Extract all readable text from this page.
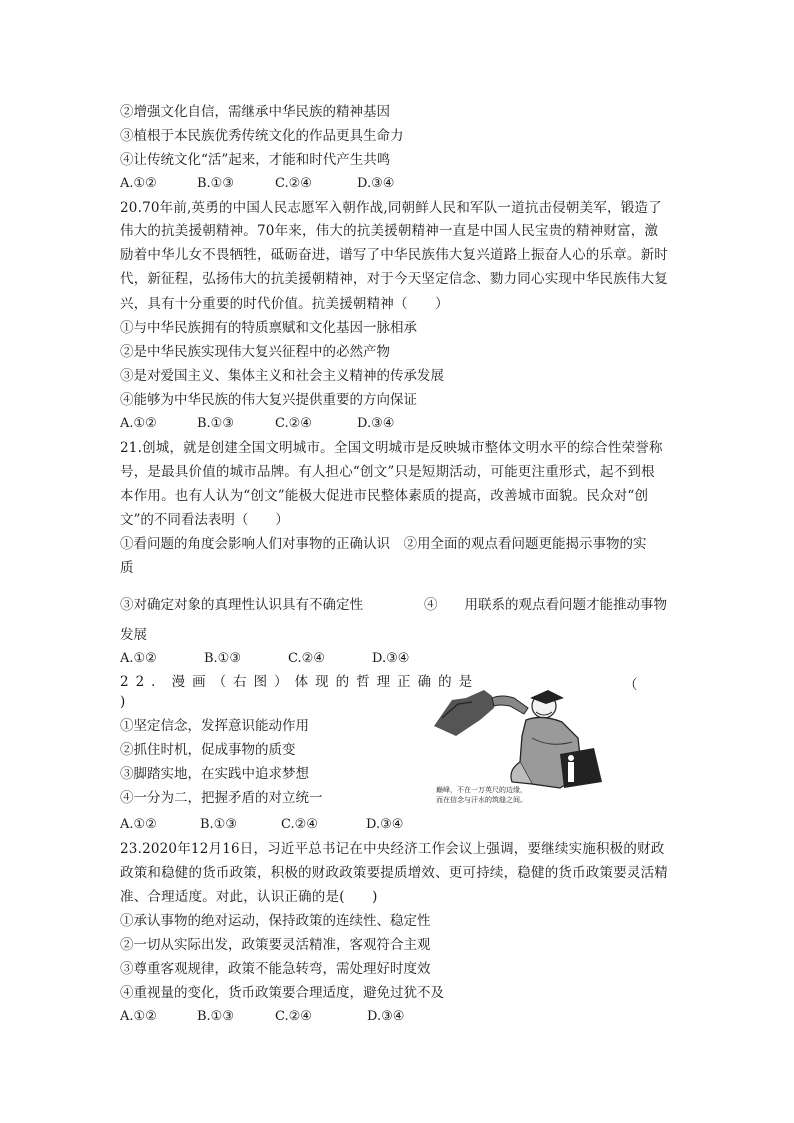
②增强文化自信，需继承中华民族的精神基因
③植根于本民族优秀传统文化的作品更具生命力
④让传统文化“活”起来，才能和时代产生共鸣
A.①②	B.①③	C.②④	D.③④
20.70年前,英勇的中国人民志愿军入朝作战,同朝鲜人民和军队一道抗击侵朝美军，锻造了
伟大的抗美援朝精神。70年来，伟大的抗美援朝精神一直是中国人民宝贵的精神财富，激
励着中华儿女不畏牺牲，砥砺奋进，谱写了中华民族伟大复兴道路上振奋人心的乐章。新时
代，新征程，弘扬伟大的抗美援朝精神，对于今天坚定信念、勠力同心实现中华民族伟大复
兴，具有十分重要的时代价值。抗美援朝精神（　　）
①与中华民族拥有的特质禀赋和文化基因一脉相承
②是中华民族实现伟大复兴征程中的必然产物
③是对爱国主义、集体主义和社会主义精神的传承发展
④能够为中华民族的伟大复兴提供重要的方向保证
A.①②	B.①③	C.②④	D.③④
21.创城，就是创建全国文明城市。全国文明城市是反映城市整体文明水平的综合性荣誉称
号，是最具价值的城市品牌。有人担心“创文”只是短期活动，可能更注重形式，起不到根
本作用。也有人认为“创文”能极大促进市民整体素质的提高，改善城市面貌。民众对“创
文”的不同看法表明（　　）
①看问题的角度会影响人们对事物的正确认识　②用全面的观点看问题更能揭示事物的实
质
③对确定对象的真理性认识具有不确定性	④　　用联系的观点看问题才能推动事物
发展
A.①②	B.①③	C.②④	D.③④
22．漫画（右图）体现的哲理正确的是	（
)
①坚定信念，发挥意识能动作用
②抓住时机，促成事物的质变
③脚踏实地，在实践中追求梦想
④一分为二，把握矛盾的对立统一
A.①②	B.①③	C.②④	D.③④
巅峰，不在一万英尺的边缘，
而在信念与汗水的筑缝之间。
23.2020年12月16日，习近平总书记在中央经济工作会议上强调，要继续实施积极的财政
政策和稳健的货币政策，积极的财政政策要提质增效、更可持续，稳健的货币政策要灵活精
准、合理适度。对此，认识正确的是(　　)
①承认事物的绝对运动，保持政策的连续性、稳定性
②一切从实际出发，政策要灵活精准，客观符合主观
③尊重客观规律，政策不能急转弯，需处理好时度效
④重视量的变化，货币政策要合理适度，避免过犹不及
A.①②	B.①③	C.②④	D.③④
